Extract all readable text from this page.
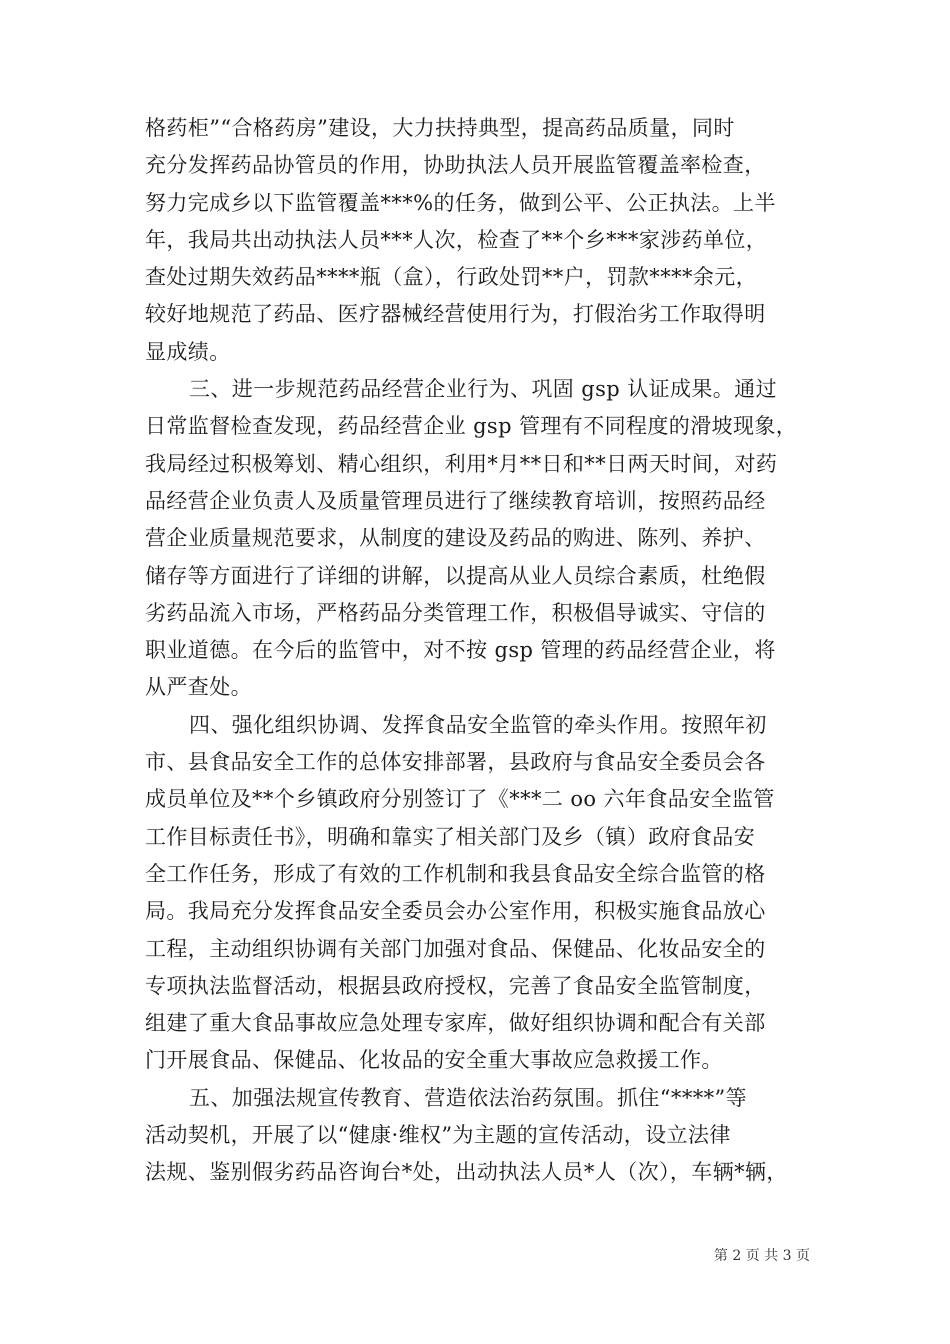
格药柜”“合格药房”建设，大力扶持典型，提高药品质量，同时
充分发挥药品协管员的作用，协助执法人员开展监管覆盖率检查，
努力完成乡以下监管覆盖***%的任务，做到公平、公正执法。上半
年，我局共出动执法人员***人次，检查了**个乡***家涉药单位，
查处过期失效药品****瓶（盒），行政处罚**户，罚款****余元，
较好地规范了药品、医疗器械经营使用行为，打假治劣工作取得明
显成绩。
三、进一步规范药品经营企业行为、巩固 gsp 认证成果。通过
日常监督检查发现，药品经营企业 gsp 管理有不同程度的滑坡现象，
我局经过积极筹划、精心组织，利用*月**日和**日两天时间，对药
品经营企业负责人及质量管理员进行了继续教育培训，按照药品经
营企业质量规范要求，从制度的建设及药品的购进、陈列、养护、
储存等方面进行了详细的讲解，以提高从业人员综合素质，杜绝假
劣药品流入市场，严格药品分类管理工作，积极倡导诚实、守信的
职业道德。在今后的监管中，对不按 gsp 管理的药品经营企业，将
从严查处。
四、强化组织协调、发挥食品安全监管的牵头作用。按照年初
市、县食品安全工作的总体安排部署，县政府与食品安全委员会各
成员单位及**个乡镇政府分别签订了《***二 oo 六年食品安全监管
工作目标责任书》，明确和靠实了相关部门及乡（镇）政府食品安
全工作任务，形成了有效的工作机制和我县食品安全综合监管的格
局。我局充分发挥食品安全委员会办公室作用，积极实施食品放心
工程，主动组织协调有关部门加强对食品、保健品、化妆品安全的
专项执法监督活动，根据县政府授权，完善了食品安全监管制度，
组建了重大食品事故应急处理专家库，做好组织协调和配合有关部
门开展食品、保健品、化妆品的安全重大事故应急救援工作。
五、加强法规宣传教育、营造依法治药氛围。抓住“****”等
活动契机，开展了以“健康·维权”为主题的宣传活动，设立法律
法规、鉴别假劣药品咨询台*处，出动执法人员*人（次），车辆*辆，
第 2 页 共 3 页
